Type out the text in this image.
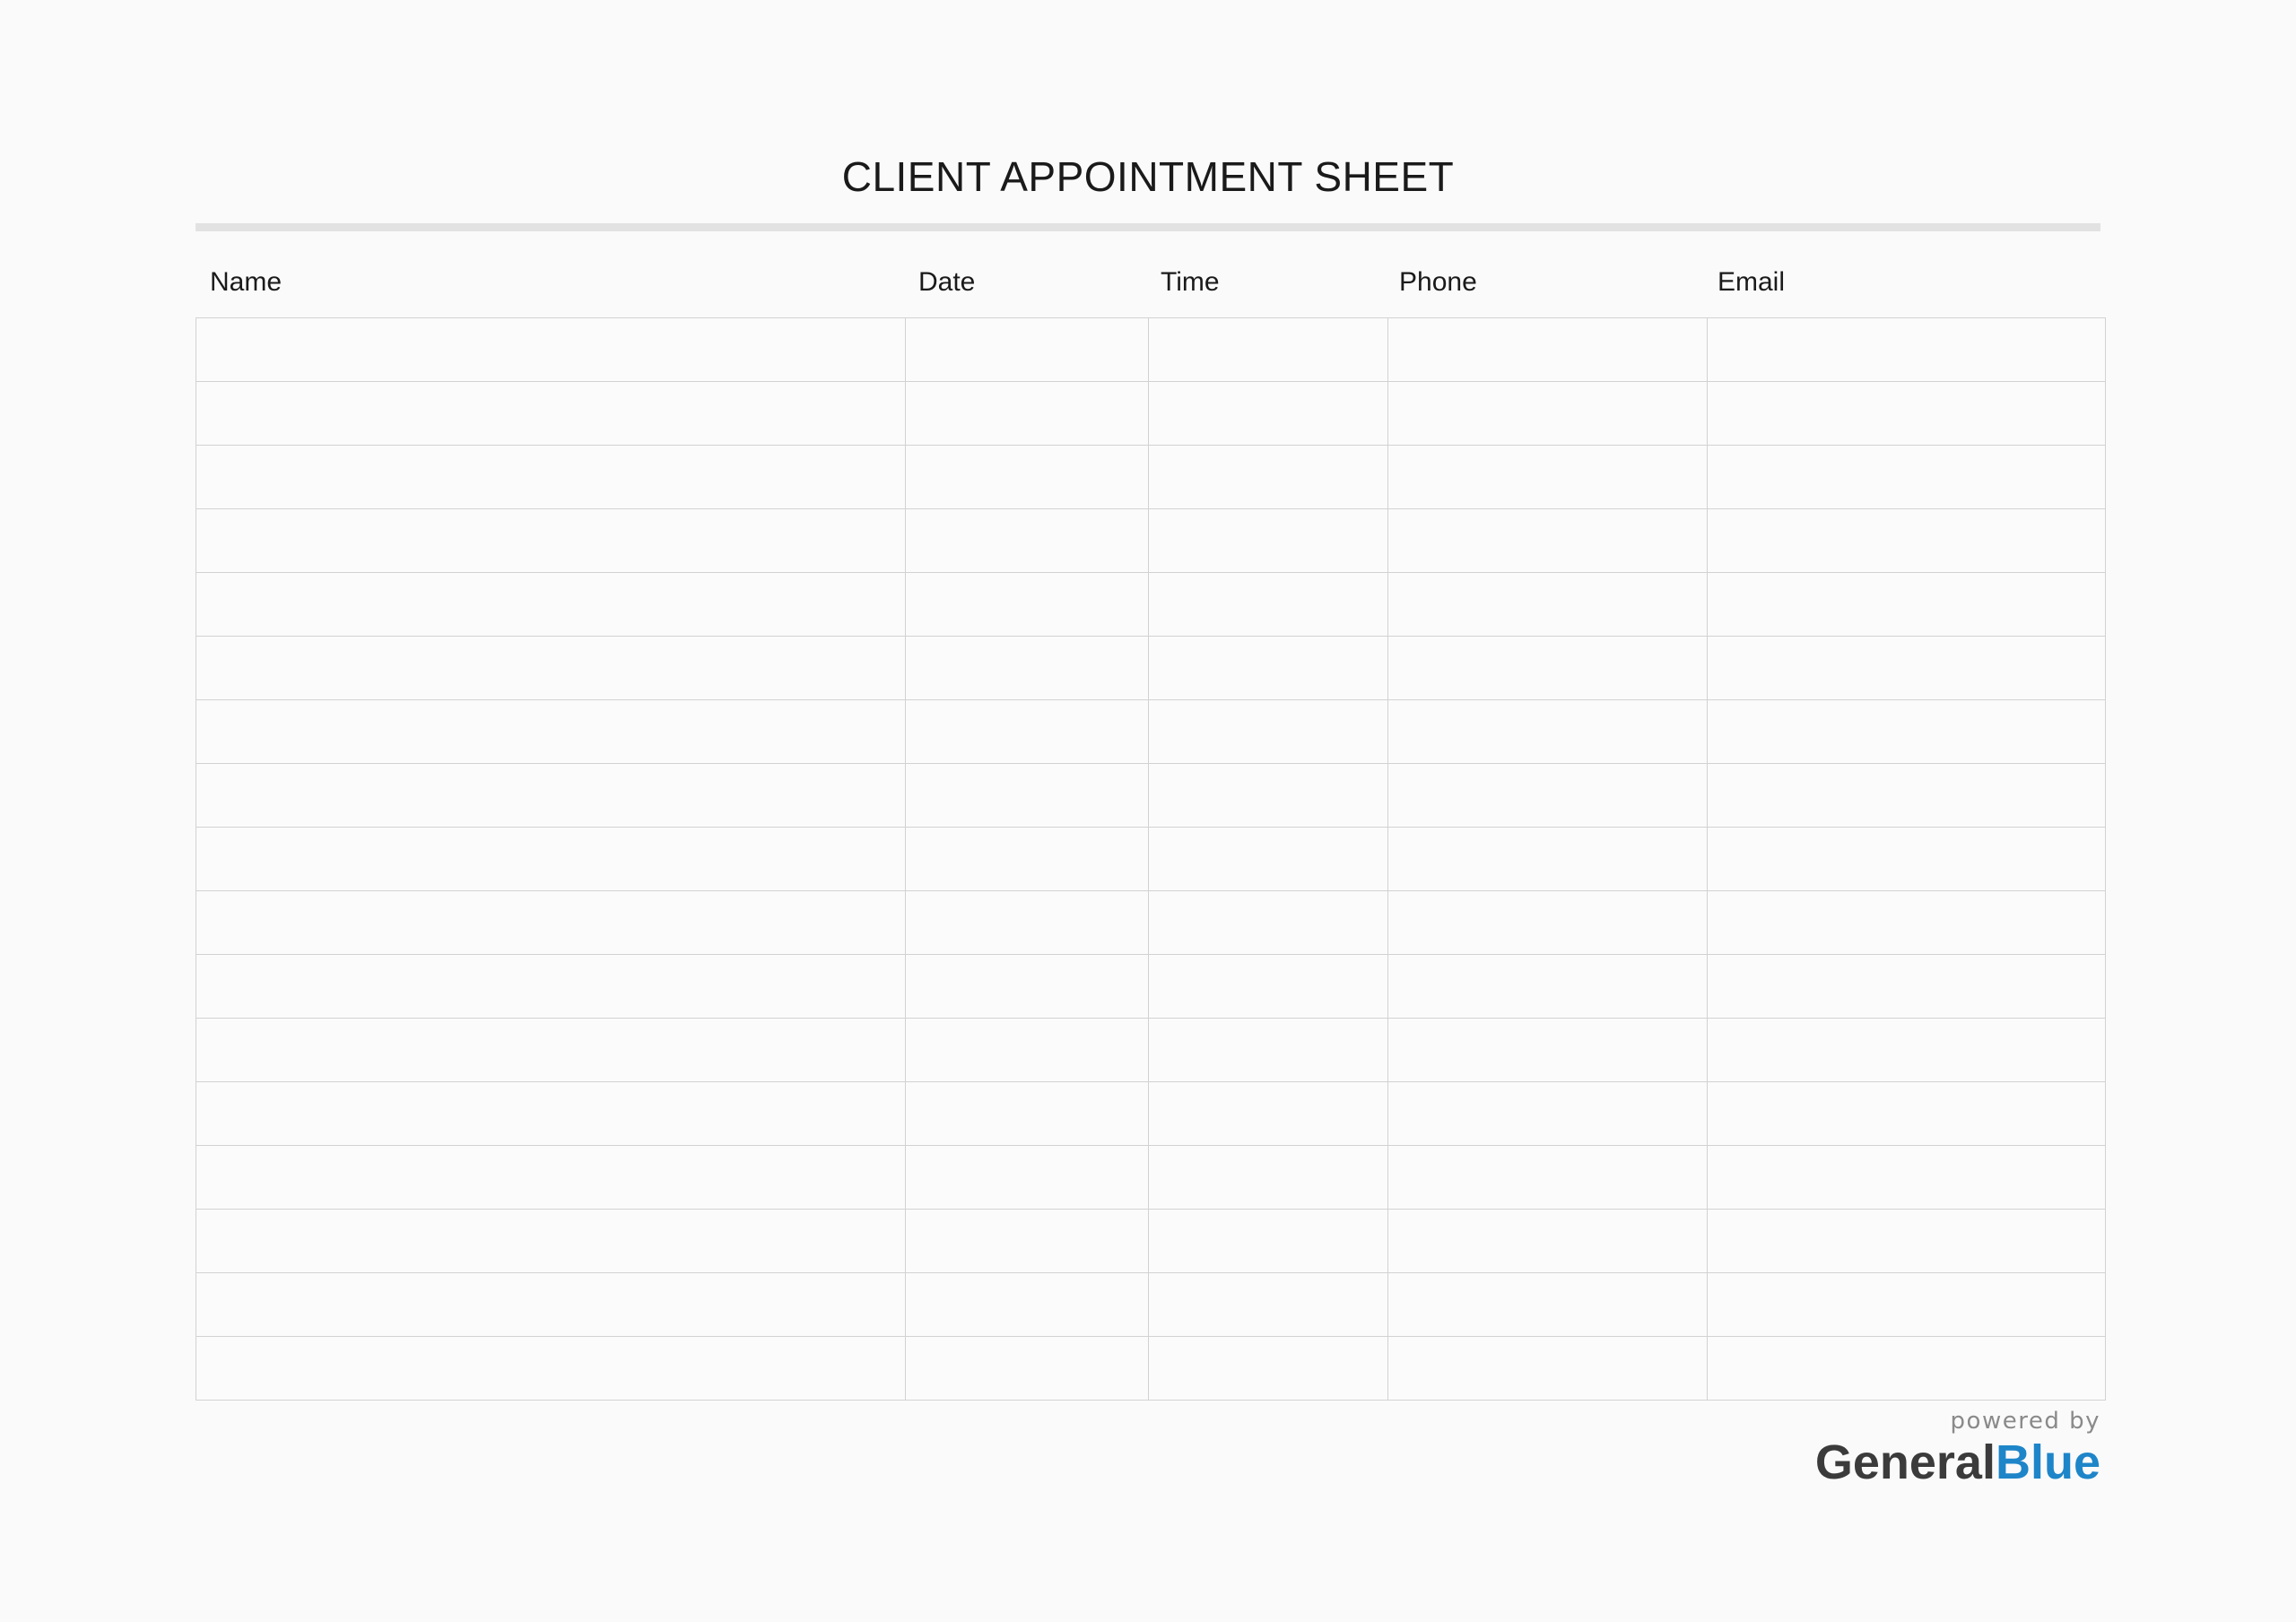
CLIENT APPOINTMENT SHEET
Name	Date	Time	Phone	Email

powered by
GeneralBlue
